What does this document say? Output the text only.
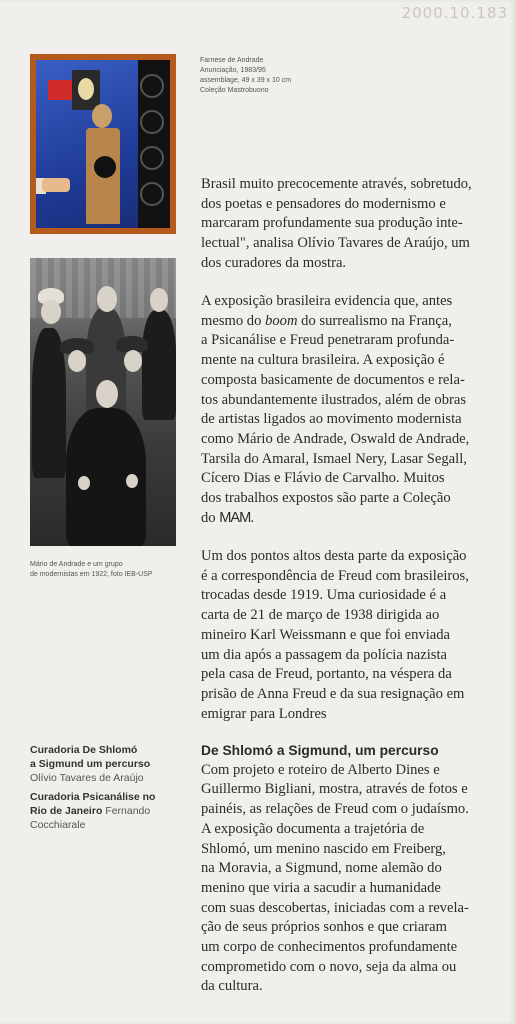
2000.10.183
Farnese de Andrade
Anunciação, 1983/95
assemblage, 49 x 39 x 10 cm
Coleção Mastrobuono
Mário de Andrade e um grupo
de modernistas em 1922, foto IEB-USP
Curadoria De Shlomó
a Sigmund um percurso
Olívio Tavares de Araújo
Curadoria Psicanálise no
Rio de Janeiro Fernando
Cocchiarale
Brasil muito precocemente através, sobretudo,
dos poetas e pensadores do modernismo e
marcaram profundamente sua produção inte-
lectual", analisa Olívio Tavares de Araújo, um
dos curadores da mostra.
A exposição brasileira evidencia que, antes
mesmo do boom do surrealismo na França,
a Psicanálise e Freud penetraram profunda-
mente na cultura brasileira. A exposição é
composta basicamente de documentos e rela-
tos abundantemente ilustrados, além de obras
de artistas ligados ao movimento modernista
como Mário de Andrade, Oswald de Andrade,
Tarsila do Amaral, Ismael Nery, Lasar Segall,
Cícero Dias e Flávio de Carvalho. Muitos
dos trabalhos expostos são parte a Coleção
do MAM.
Um dos pontos altos desta parte da exposição
é a correspondência de Freud com brasileiros,
trocadas desde 1919. Uma curiosidade é a
carta de 21 de março de 1938 dirigida ao
mineiro Karl Weissmann e que foi enviada
um dia após a passagem da polícia nazista
pela casa de Freud, portanto, na véspera da
prisão de Anna Freud e da sua resignação em
emigrar para Londres
De Shlomó a Sigmund, um percurso
Com projeto e roteiro de Alberto Dines e
Guillermo Bigliani, mostra, através de fotos e
painéis, as relações de Freud com o judaísmo.
A exposição documenta a trajetória de
Shlomó, um menino nascido em Freiberg,
na Moravia, a Sigmund, nome alemão do
menino que viria a sacudir a humanidade
com suas descobertas, iniciadas com a revela-
ção de seus próprios sonhos e que criaram
um corpo de conhecimentos profundamente
comprometido com o novo, seja da alma ou
da cultura.
